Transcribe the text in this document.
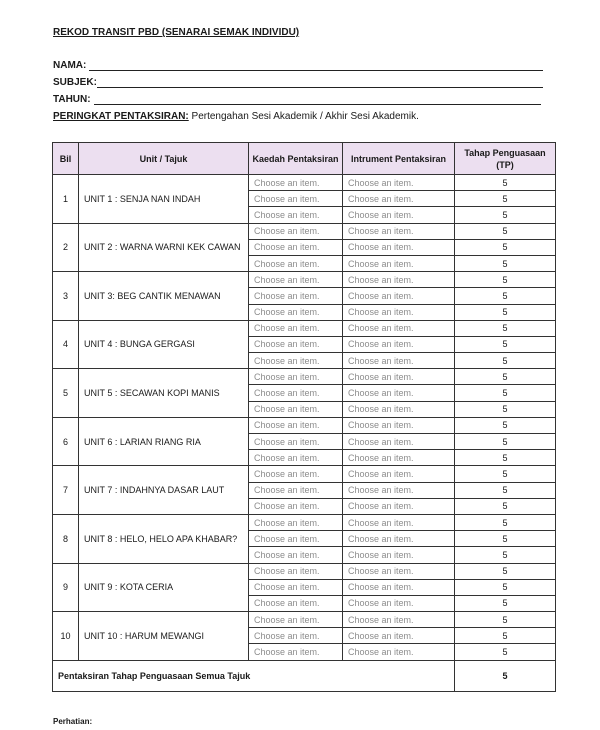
REKOD TRANSIT PBD (SENARAI SEMAK INDIVIDU)
NAMA:
SUBJEK:
TAHUN:
PERINGKAT PENTAKSIRAN: Pertengahan Sesi Akademik / Akhir Sesi Akademik.
Bil	Unit / Tajuk	Kaedah Pentaksiran	Intrument Pentaksiran	Tahap Penguasaan (TP)
1	UNIT 1 : SENJA NAN INDAH	Choose an item.	Choose an item.	5
		Choose an item.	Choose an item.	5
		Choose an item.	Choose an item.	5
2	UNIT 2 : WARNA WARNI KEK CAWAN	Choose an item.	Choose an item.	5
		Choose an item.	Choose an item.	5
		Choose an item.	Choose an item.	5
3	UNIT 3: BEG CANTIK MENAWAN	Choose an item.	Choose an item.	5
		Choose an item.	Choose an item.	5
		Choose an item.	Choose an item.	5
4	UNIT 4 : BUNGA GERGASI	Choose an item.	Choose an item.	5
		Choose an item.	Choose an item.	5
		Choose an item.	Choose an item.	5
5	UNIT 5 : SECAWAN KOPI MANIS	Choose an item.	Choose an item.	5
		Choose an item.	Choose an item.	5
		Choose an item.	Choose an item.	5
6	UNIT 6 : LARIAN RIANG RIA	Choose an item.	Choose an item.	5
		Choose an item.	Choose an item.	5
		Choose an item.	Choose an item.	5
7	UNIT 7 : INDAHNYA DASAR LAUT	Choose an item.	Choose an item.	5
		Choose an item.	Choose an item.	5
		Choose an item.	Choose an item.	5
8	UNIT 8 : HELO, HELO APA KHABAR?	Choose an item.	Choose an item.	5
		Choose an item.	Choose an item.	5
		Choose an item.	Choose an item.	5
9	UNIT 9 : KOTA CERIA	Choose an item.	Choose an item.	5
		Choose an item.	Choose an item.	5
		Choose an item.	Choose an item.	5
10	UNIT 10 : HARUM MEWANGI	Choose an item.	Choose an item.	5
		Choose an item.	Choose an item.	5
		Choose an item.	Choose an item.	5
Pentaksiran Tahap Penguasaan Semua Tajuk				5
Perhatian:
